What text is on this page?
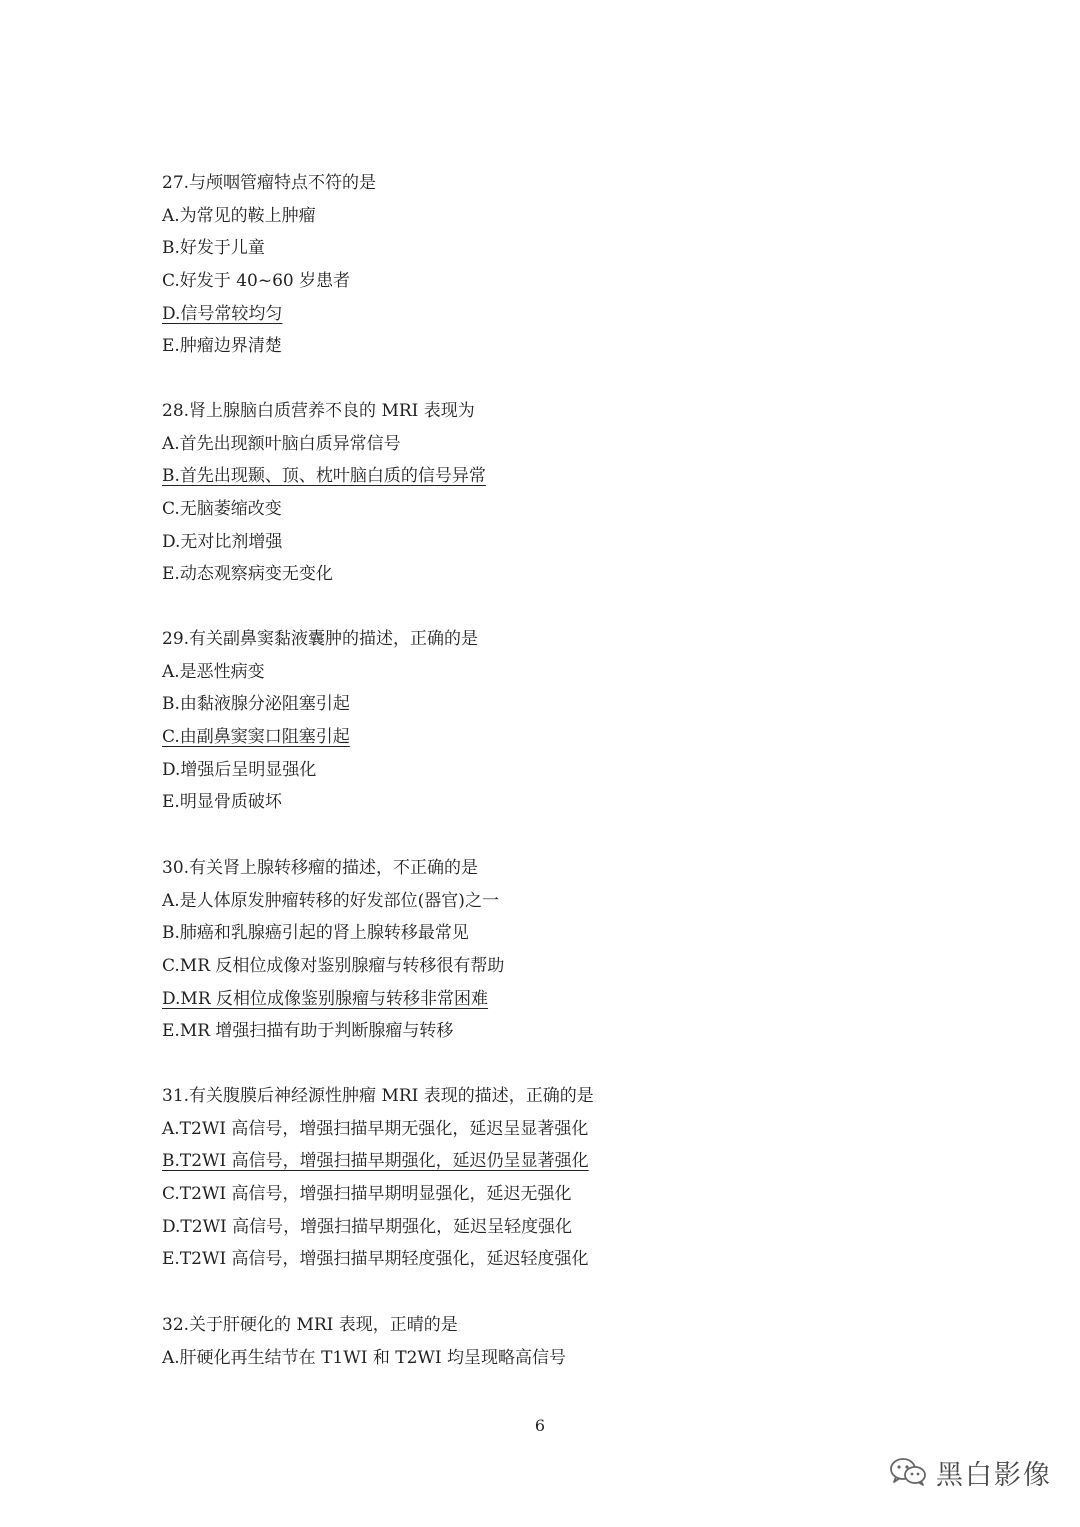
27.与颅咽管瘤特点不符的是
A.为常见的鞍上肿瘤
B.好发于儿童
C.好发于 40~60 岁患者
D.信号常较均匀
E.肿瘤边界清楚
28.肾上腺脑白质营养不良的 MRI 表现为
A.首先出现额叶脑白质异常信号
B.首先出现颞、顶、枕叶脑白质的信号异常
C.无脑萎缩改变
D.无对比剂增强
E.动态观察病变无变化
29.有关副鼻窦黏液囊肿的描述，正确的是
A.是恶性病变
B.由黏液腺分泌阻塞引起
C.由副鼻窦窦口阻塞引起
D.增强后呈明显强化
E.明显骨质破坏
30.有关肾上腺转移瘤的描述，不正确的是
A.是人体原发肿瘤转移的好发部位(器官)之一
B.肺癌和乳腺癌引起的肾上腺转移最常见
C.MR 反相位成像对鉴别腺瘤与转移很有帮助
D.MR 反相位成像鉴别腺瘤与转移非常困难
E.MR 增强扫描有助于判断腺瘤与转移
31.有关腹膜后神经源性肿瘤 MRI 表现的描述，正确的是
A.T2WI 高信号，增强扫描早期无强化，延迟呈显著强化
B.T2WI 高信号，增强扫描早期强化，延迟仍呈显著强化
C.T2WI 高信号，增强扫描早期明显强化，延迟无强化
D.T2WI 高信号，增强扫描早期强化，延迟呈轻度强化
E.T2WI 高信号，增强扫描早期轻度强化，延迟轻度强化
32.关于肝硬化的 MRI 表现，正晴的是
A.肝硬化再生结节在 T1WI 和 T2WI 均呈现略高信号
6
黑白影像
